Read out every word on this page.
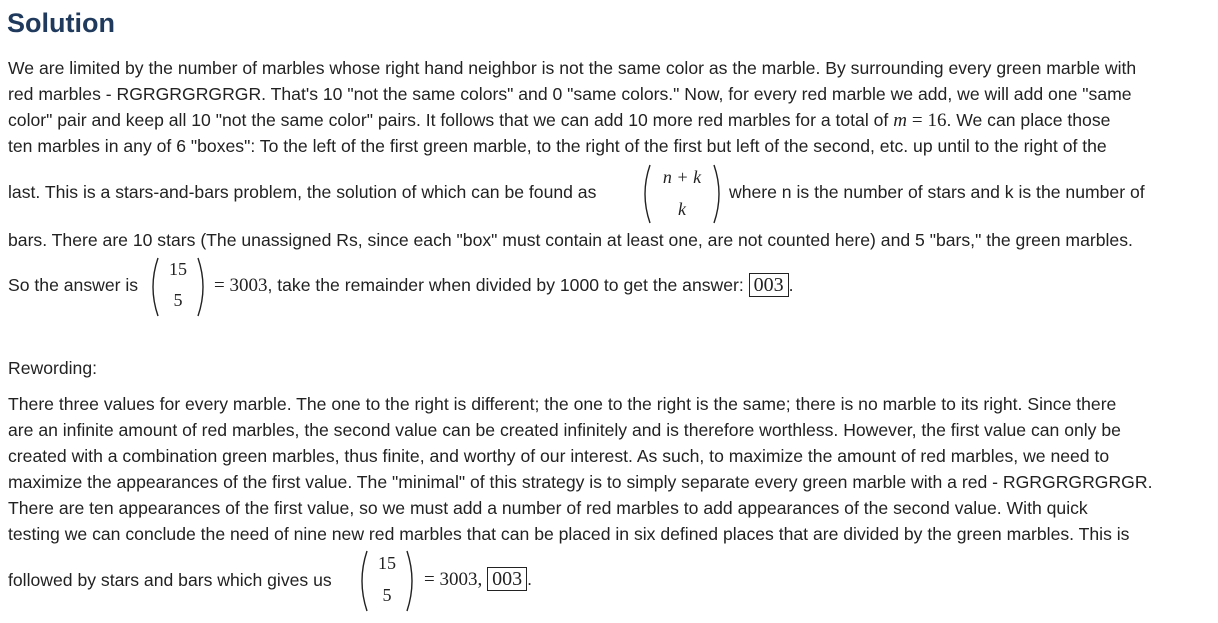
Solution
We are limited by the number of marbles whose right hand neighbor is not the same color as the marble. By surrounding every green marble with
red marbles - RGRGRGRGRGR. That's 10 "not the same colors" and 0 "same colors." Now, for every red marble we add, we will add one "same
color" pair and keep all 10 "not the same color" pairs. It follows that we can add 10 more red marbles for a total of m = 16. We can place those
ten marbles in any of 6 "boxes": To the left of the first green marble, to the right of the first but left of the second, etc. up until to the right of the
last. This is a stars-and-bars problem, the solution of which can be found as
n + k
k
where n is the number of stars and k is the number of
bars. There are 10 stars (The unassigned Rs, since each "box" must contain at least one, are not counted here) and 5 "bars," the green marbles.
So the answer is
15
5
= 3003, take the remainder when divided by 1000 to get the answer: 003 .
Rewording:
There three values for every marble. The one to the right is different; the one to the right is the same; there is no marble to its right. Since there
are an infinite amount of red marbles, the second value can be created infinitely and is therefore worthless. However, the first value can only be
created with a combination green marbles, thus finite, and worthy of our interest. As such, to maximize the amount of red marbles, we need to
maximize the appearances of the first value. The "minimal" of this strategy is to simply separate every green marble with a red - RGRGRGRGRGR.
There are ten appearances of the first value, so we must add a number of red marbles to add appearances of the second value. With quick
testing we can conclude the need of nine new red marbles that can be placed in six defined places that are divided by the green marbles. This is
followed by stars and bars which gives us
15
5
= 3003, 003 .
